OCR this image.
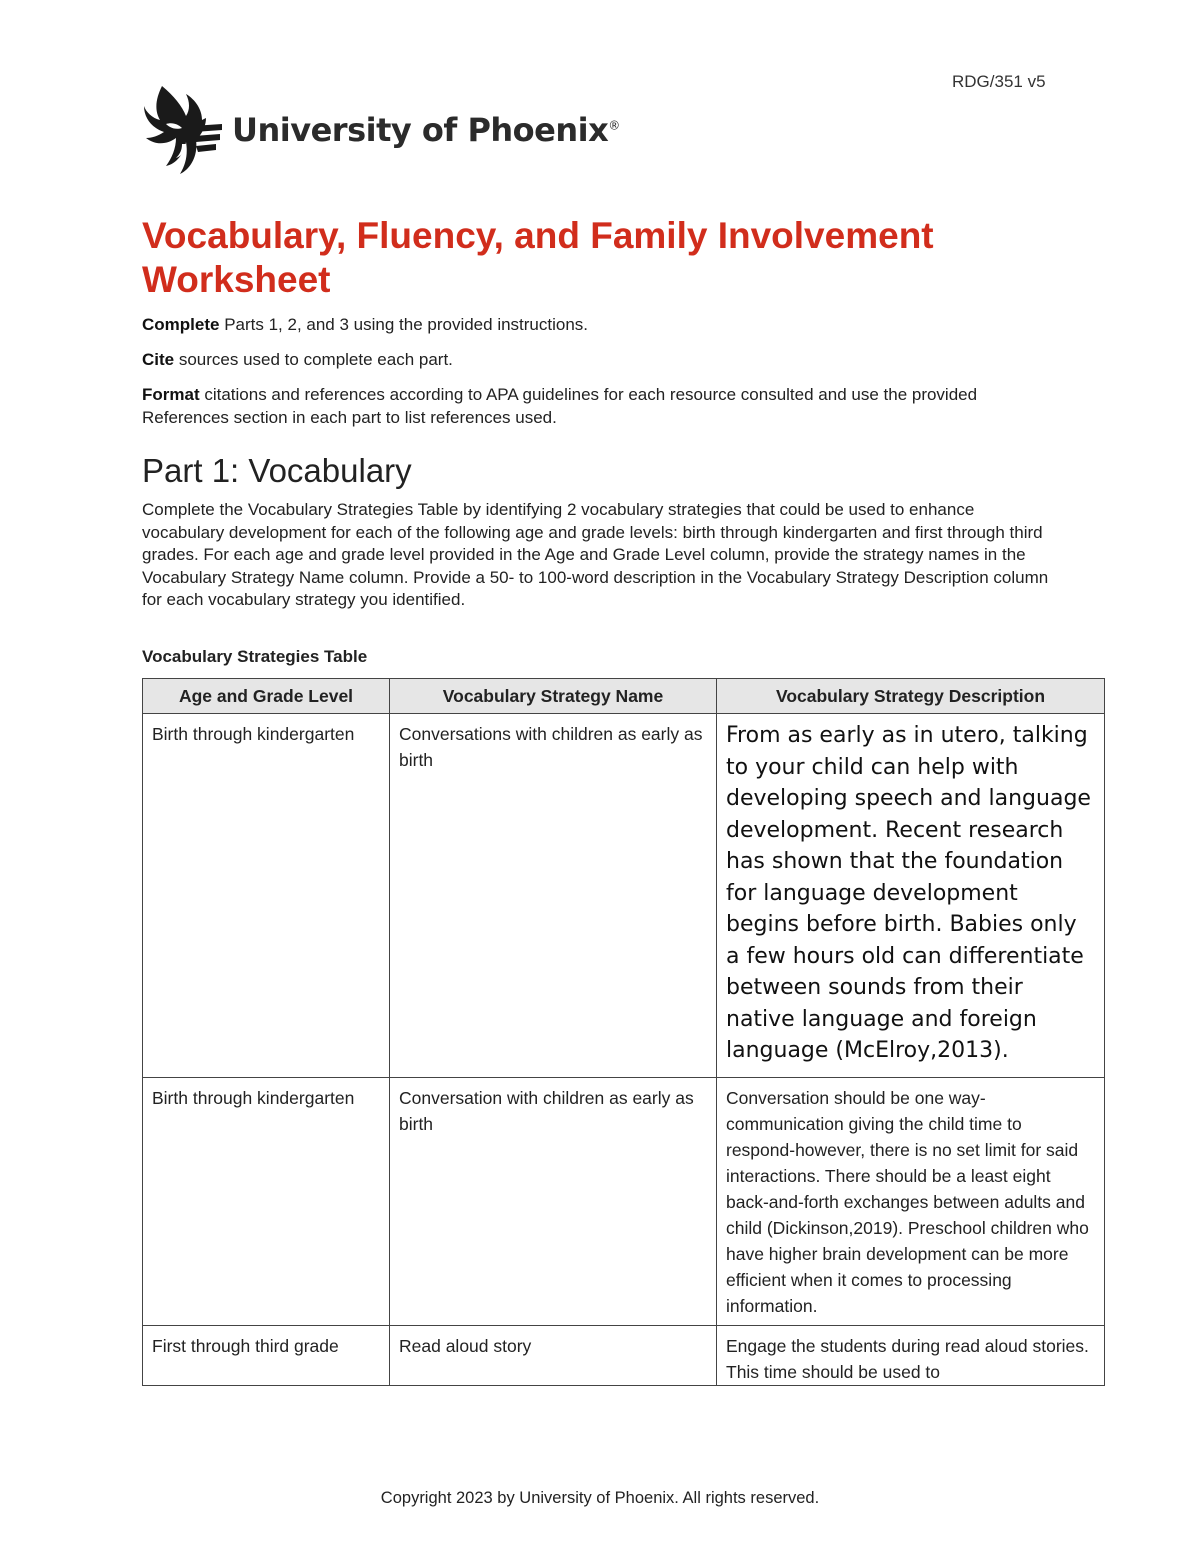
RDG/351 v5
University of Phoenix®
Vocabulary, Fluency, and Family Involvement Worksheet

Complete Parts 1, 2, and 3 using the provided instructions.

Cite sources used to complete each part.

Format citations and references according to APA guidelines for each resource consulted and use the provided References section in each part to list references used.

Part 1: Vocabulary

Complete the Vocabulary Strategies Table by identifying 2 vocabulary strategies that could be used to enhance vocabulary development for each of the following age and grade levels: birth through kindergarten and first through third grades. For each age and grade level provided in the Age and Grade Level column, provide the strategy names in the Vocabulary Strategy Name column. Provide a 50- to 100-word description in the Vocabulary Strategy Description column for each vocabulary strategy you identified.

Vocabulary Strategies Table

Age and Grade Level	Vocabulary Strategy Name	Vocabulary Strategy Description
Birth through kindergarten	Conversations with children as early as birth	From as early as in utero, talking to your child can help with developing speech and language development. Recent research has shown that the foundation for language development begins before birth. Babies only a few hours old can differentiate between sounds from their native language and foreign language (McElroy,2013).
Birth through kindergarten	Conversation with children as early as birth	Conversation should be one way-communication giving the child time to respond-however, there is no set limit for said interactions. There should be a least eight back-and-forth exchanges between adults and child (Dickinson,2019). Preschool children who have higher brain development can be more efficient when it comes to processing information.
First through third grade	Read aloud story	Engage the students during read aloud stories. This time should be used to
Copyright 2023 by University of Phoenix. All rights reserved.
